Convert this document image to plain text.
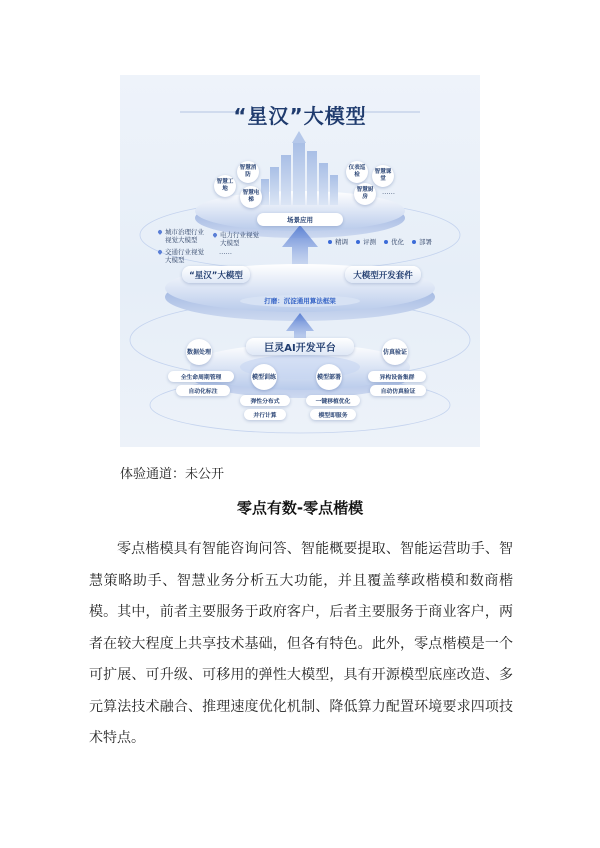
“星汉”大模型
智慧消防
智慧工地
智慧电梯
仪表巡检	智慧课堂
智慧厨房
……
场景应用
城市治理行业视觉大模型
电力行业视觉大模型
交通行业视觉大模型
……
精调	评测	优化	部署
“星汉”大模型	大模型开发套件
打磨：沉淀通用算法框架
巨灵AI开发平台
数据处理	仿真验证
模型训练	模型部署
全生命周期管理
自动化标注
弹性分布式
并行计算
一键移植优化
模型即服务
异构设备集群
自动仿真验证
体验通道：未公开
零点有数-零点楷模

零点楷模具有智能咨询问答、智能概要提取、智能运营助手、智慧策略助手、智慧业务分析五大功能，并且覆盖孳政楷模和数商楷模。其中，前者主要服务于政府客户，后者主要服务于商业客户，两者在较大程度上共享技术基础，但各有特色。此外，零点楷模是一个可扩展、可升级、可移用的弹性大模型，具有开源模型底座改造、多元算法技术融合、推理速度优化机制、降低算力配置环境要求四项技术特点。
